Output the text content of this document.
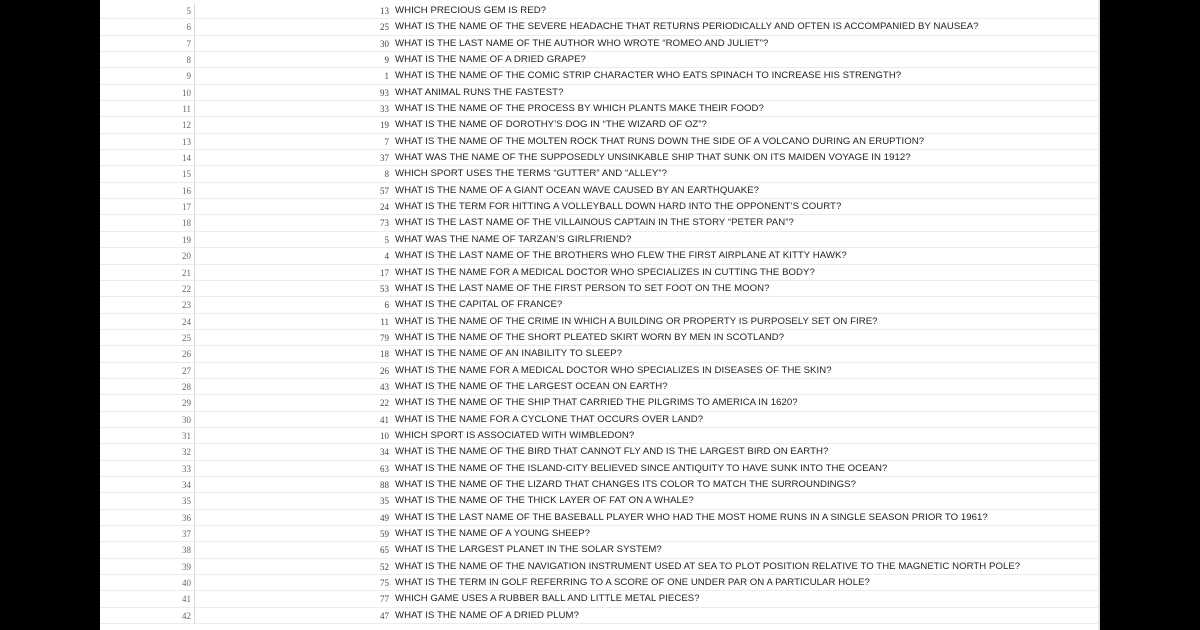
5	13 WHICH PRECIOUS GEM IS RED?
6	25 WHAT IS THE NAME OF THE SEVERE HEADACHE THAT RETURNS PERIODICALLY AND OFTEN IS ACCOMPANIED BY NAUSEA?
7	30 WHAT IS THE LAST NAME OF THE AUTHOR WHO WROTE “ROMEO AND JULIET”?
8	9 WHAT IS THE NAME OF A DRIED GRAPE?
9	1 WHAT IS THE NAME OF THE COMIC STRIP CHARACTER WHO EATS SPINACH TO INCREASE HIS STRENGTH?
10	93 WHAT ANIMAL RUNS THE FASTEST?
11	33 WHAT IS THE NAME OF THE PROCESS BY WHICH PLANTS MAKE THEIR FOOD?
12	19 WHAT IS THE NAME OF DOROTHY’S DOG IN “THE WIZARD OF OZ”?
13	7 WHAT IS THE NAME OF THE MOLTEN ROCK THAT RUNS DOWN THE SIDE OF A VOLCANO DURING AN ERUPTION?
14	37 WHAT WAS THE NAME OF THE SUPPOSEDLY UNSINKABLE SHIP THAT SUNK ON ITS MAIDEN VOYAGE IN 1912?
15	8 WHICH SPORT USES THE TERMS “GUTTER” AND “ALLEY”?
16	57 WHAT IS THE NAME OF A GIANT OCEAN WAVE CAUSED BY AN EARTHQUAKE?
17	24 WHAT IS THE TERM FOR HITTING A VOLLEYBALL DOWN HARD INTO THE OPPONENT’S COURT?
18	73 WHAT IS THE LAST NAME OF THE VILLAINOUS CAPTAIN IN THE STORY “PETER PAN”?
19	5 WHAT WAS THE NAME OF TARZAN’S GIRLFRIEND?
20	4 WHAT IS THE LAST NAME OF THE BROTHERS WHO FLEW THE FIRST AIRPLANE AT KITTY HAWK?
21	17 WHAT IS THE NAME FOR A MEDICAL DOCTOR WHO SPECIALIZES IN CUTTING THE BODY?
22	53 WHAT IS THE LAST NAME OF THE FIRST PERSON TO SET FOOT ON THE MOON?
23	6 WHAT IS THE CAPITAL OF FRANCE?
24	11 WHAT IS THE NAME OF THE CRIME IN WHICH A BUILDING OR PROPERTY IS PURPOSELY SET ON FIRE?
25	79 WHAT IS THE NAME OF THE SHORT PLEATED SKIRT WORN BY MEN IN SCOTLAND?
26	18 WHAT IS THE NAME OF AN INABILITY TO SLEEP?
27	26 WHAT IS THE NAME FOR A MEDICAL DOCTOR WHO SPECIALIZES IN DISEASES OF THE SKIN?
28	43 WHAT IS THE NAME OF THE LARGEST OCEAN ON EARTH?
29	22 WHAT IS THE NAME OF THE SHIP THAT CARRIED THE PILGRIMS TO AMERICA IN 1620?
30	41 WHAT IS THE NAME FOR A CYCLONE THAT OCCURS OVER LAND?
31	10 WHICH SPORT IS ASSOCIATED WITH WIMBLEDON?
32	34 WHAT IS THE NAME OF THE BIRD THAT CANNOT FLY AND IS THE LARGEST BIRD ON EARTH?
33	63 WHAT IS THE NAME OF THE ISLAND-CITY BELIEVED SINCE ANTIQUITY TO HAVE SUNK INTO THE OCEAN?
34	88 WHAT IS THE NAME OF THE LIZARD THAT CHANGES ITS COLOR TO MATCH THE SURROUNDINGS?
35	35 WHAT IS THE NAME OF THE THICK LAYER OF FAT ON A WHALE?
36	49 WHAT IS THE LAST NAME OF THE BASEBALL PLAYER WHO HAD THE MOST HOME RUNS IN A SINGLE SEASON PRIOR TO 1961?
37	59 WHAT IS THE NAME OF A YOUNG SHEEP?
38	65 WHAT IS THE LARGEST PLANET IN THE SOLAR SYSTEM?
39	52 WHAT IS THE NAME OF THE NAVIGATION INSTRUMENT USED AT SEA TO PLOT POSITION RELATIVE TO THE MAGNETIC NORTH POLE?
40	75 WHAT IS THE TERM IN GOLF REFERRING TO A SCORE OF ONE UNDER PAR ON A PARTICULAR HOLE?
41	77 WHICH GAME USES A RUBBER BALL AND LITTLE METAL PIECES?
42	47 WHAT IS THE NAME OF A DRIED PLUM?
